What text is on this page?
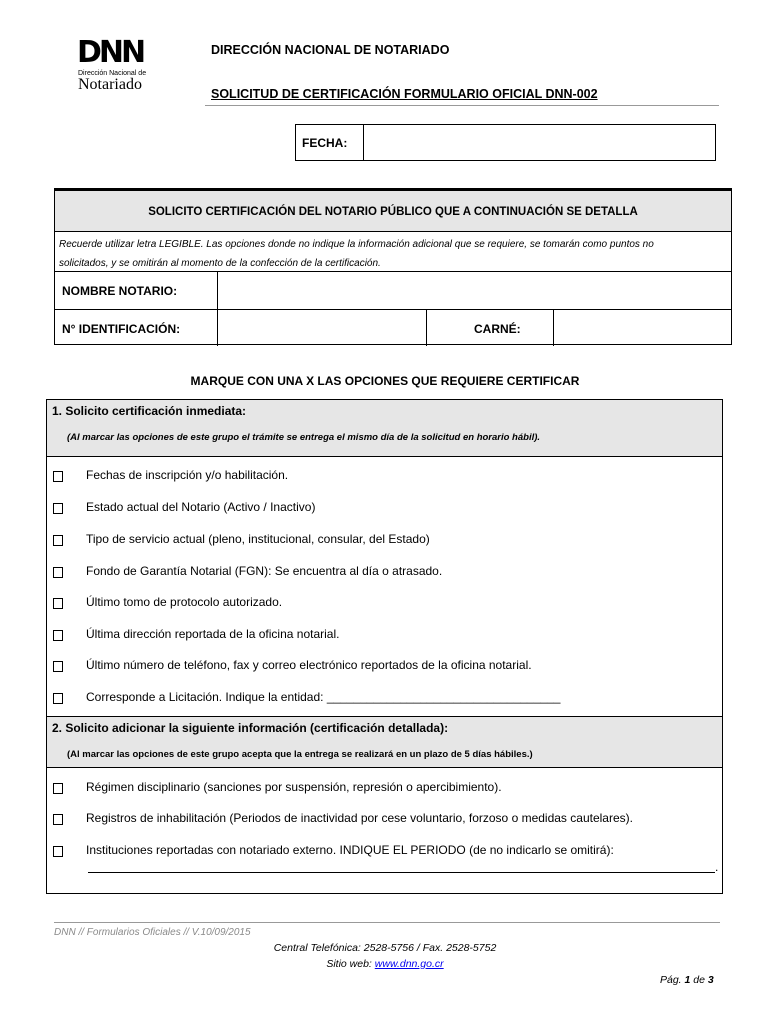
DNN
Dirección Nacional de
Notariado
DIRECCIÓN NACIONAL DE NOTARIADO
SOLICITUD DE CERTIFICACIÓN FORMULARIO OFICIAL DNN-002
FECHA:
SOLICITO CERTIFICACIÓN DEL NOTARIO PÚBLICO QUE A CONTINUACIÓN SE DETALLA
Recuerde utilizar letra LEGIBLE. Las opciones donde no indique la información adicional que se requiere, se tomarán como puntos no
solicitados, y se omitirán al momento de la confección de la certificación.
NOMBRE NOTARIO:
N° IDENTIFICACIÓN:	CARNÉ:
MARQUE CON UNA X LAS OPCIONES QUE REQUIERE CERTIFICAR
1. Solicito certificación inmediata:
(Al marcar las opciones de este grupo el trámite se entrega el mismo día de la solicitud en horario hábil).
Fechas de inscripción y/o habilitación.
Estado actual del Notario (Activo / Inactivo)
Tipo de servicio actual (pleno, institucional, consular, del Estado)
Fondo de Garantía Notarial (FGN): Se encuentra al día o atrasado.
Último tomo de protocolo autorizado.
Última dirección reportada de la oficina notarial.
Último número de teléfono, fax y correo electrónico reportados de la oficina notarial.
Corresponde a Licitación. Indique la entidad: ___________________________________
2. Solicito adicionar la siguiente información (certificación detallada):
(Al marcar las opciones de este grupo acepta que la entrega se realizará en un plazo de 5 días hábiles.)
Régimen disciplinario (sanciones por suspensión, represión o apercibimiento).
Registros de inhabilitación (Periodos de inactividad por cese voluntario, forzoso o medidas cautelares).
Instituciones reportadas con notariado externo. INDIQUE EL PERIODO (de no indicarlo se omitirá):
.
DNN // Formularios Oficiales // V.10/09/2015
Central Telefónica: 2528-5756 / Fax. 2528-5752
Sitio web: www.dnn.go.cr
Pág. 1 de 3
